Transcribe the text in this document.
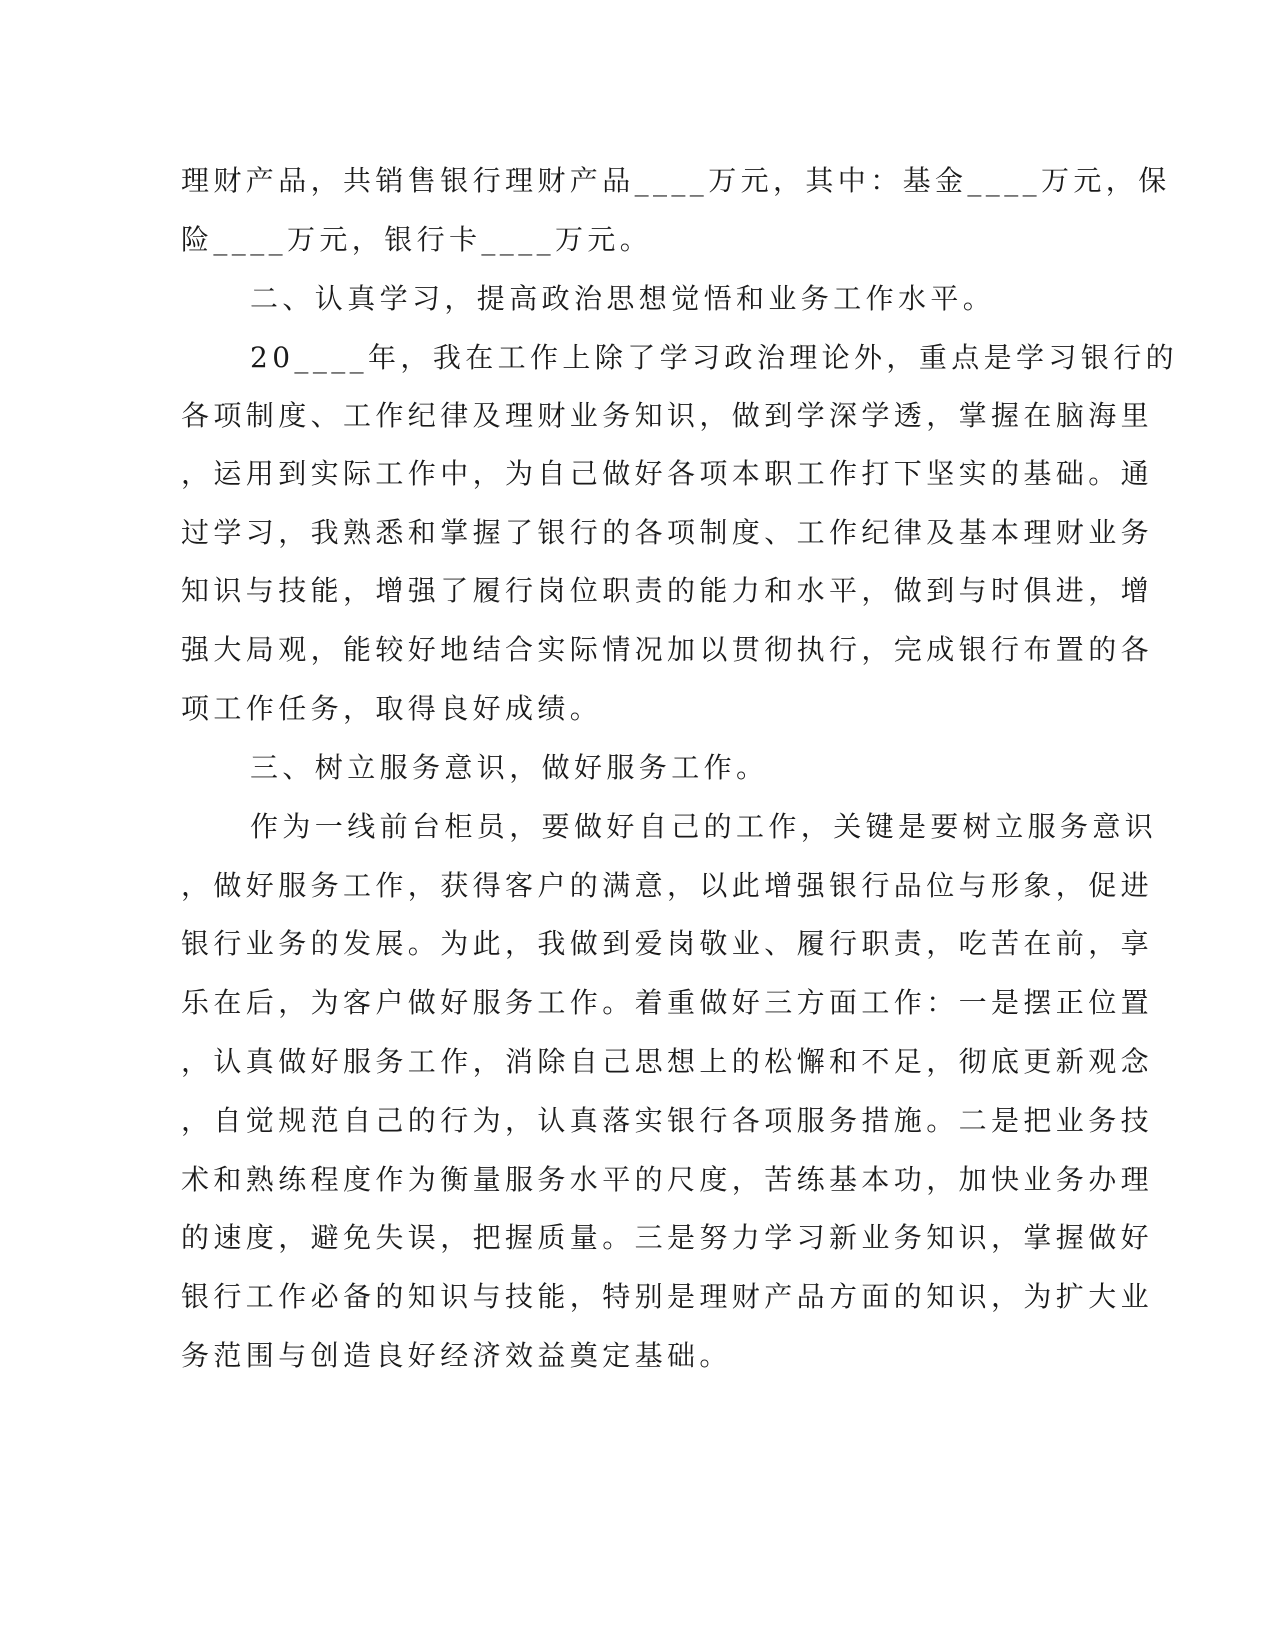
理财产品，共销售银行理财产品____万元，其中：基金____万元，保
险____万元，银行卡____万元。
二、认真学习，提高政治思想觉悟和业务工作水平。
20____年，我在工作上除了学习政治理论外，重点是学习银行的
各项制度、工作纪律及理财业务知识，做到学深学透，掌握在脑海里
，运用到实际工作中，为自己做好各项本职工作打下坚实的基础。通
过学习，我熟悉和掌握了银行的各项制度、工作纪律及基本理财业务
知识与技能，增强了履行岗位职责的能力和水平，做到与时俱进，增
强大局观，能较好地结合实际情况加以贯彻执行，完成银行布置的各
项工作任务，取得良好成绩。
三、树立服务意识，做好服务工作。
作为一线前台柜员，要做好自己的工作，关键是要树立服务意识
，做好服务工作，获得客户的满意，以此增强银行品位与形象，促进
银行业务的发展。为此，我做到爱岗敬业、履行职责，吃苦在前，享
乐在后，为客户做好服务工作。着重做好三方面工作：一是摆正位置
，认真做好服务工作，消除自己思想上的松懈和不足，彻底更新观念
，自觉规范自己的行为，认真落实银行各项服务措施。二是把业务技
术和熟练程度作为衡量服务水平的尺度，苦练基本功，加快业务办理
的速度，避免失误，把握质量。三是努力学习新业务知识，掌握做好
银行工作必备的知识与技能，特别是理财产品方面的知识，为扩大业
务范围与创造良好经济效益奠定基础。
